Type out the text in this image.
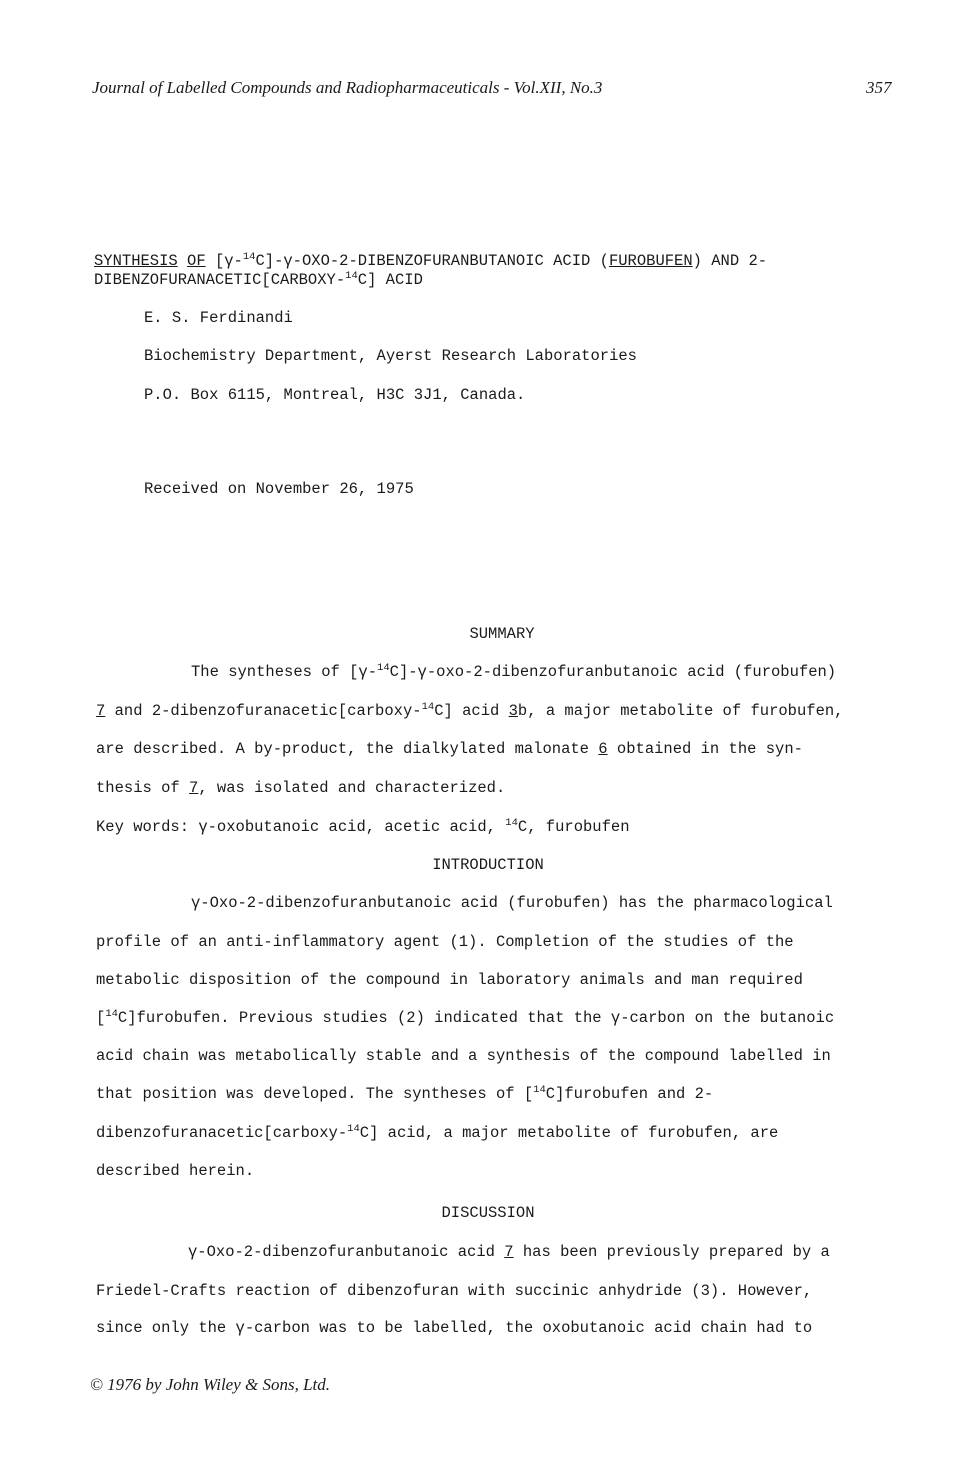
Journal of Labelled Compounds and Radiopharmaceuticals - Vol.XII, No.3	357
SYNTHESIS OF [γ-$^{14}$C]-γ-OXO-2-DIBENZOFURANBUTANOIC ACID (FUROBUFEN) AND 2-
DIBENZOFURANACETIC[CARBOXY-$^{14}$C] ACID
E. S. Ferdinandi
Biochemistry Department, Ayerst Research Laboratories
P.O. Box 6115, Montreal, H3C 3J1, Canada.
Received on November 26, 1975
SUMMARY
The syntheses of [γ-$^{14}$C]-γ-oxo-2-dibenzofuranbutanoic acid (furobufen)
7 and 2-dibenzofuranacetic[carboxy-$^{14}$C] acid 3b, a major metabolite of furobufen,
are described. A by-product, the dialkylated malonate 6 obtained in the syn-
thesis of 7, was isolated and characterized.
Key words: γ-oxobutanoic acid, acetic acid, $^{14}$C, furobufen
INTRODUCTION
γ-Oxo-2-dibenzofuranbutanoic acid (furobufen) has the pharmacological
profile of an anti-inflammatory agent (1). Completion of the studies of the
metabolic disposition of the compound in laboratory animals and man required
[$^{14}$C]furobufen. Previous studies (2) indicated that the γ-carbon on the butanoic
acid chain was metabolically stable and a synthesis of the compound labelled in
that position was developed. The syntheses of [$^{14}$C]furobufen and 2-
dibenzofuranacetic[carboxy-$^{14}$C] acid, a major metabolite of furobufen, are
described herein.
DISCUSSION
γ-Oxo-2-dibenzofuranbutanoic acid 7 has been previously prepared by a
Friedel-Crafts reaction of dibenzofuran with succinic anhydride (3). However,
since only the γ-carbon was to be labelled, the oxobutanoic acid chain had to
© 1976 by John Wiley & Sons, Ltd.
